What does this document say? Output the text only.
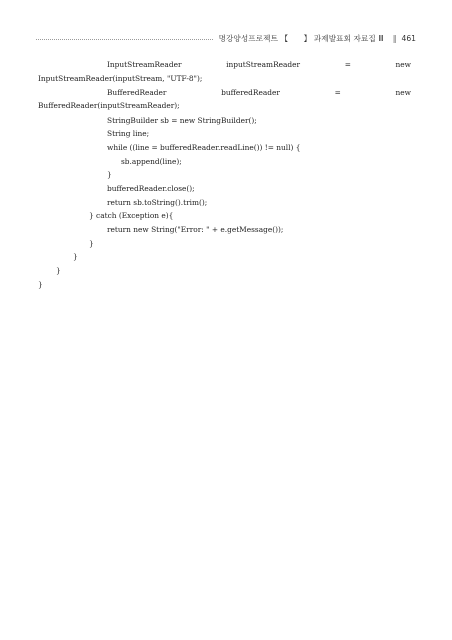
명강양성프로젝트 【　　】 과제발표회 자료집 Ⅲ ‖ 461
InputStreamReader	inputStreamReader	=	new
InputStreamReader(inputStream, "UTF-8");
BufferedReader	bufferedReader	=	new
BufferedReader(inputStreamReader);
StringBuilder sb = new StringBuilder();
String line;
while ((line = bufferedReader.readLine()) != null) {
sb.append(line);
}
bufferedReader.close();
return sb.toString().trim();
} catch (Exception e){
return new String("Error: " + e.getMessage());
}
}
}
}
